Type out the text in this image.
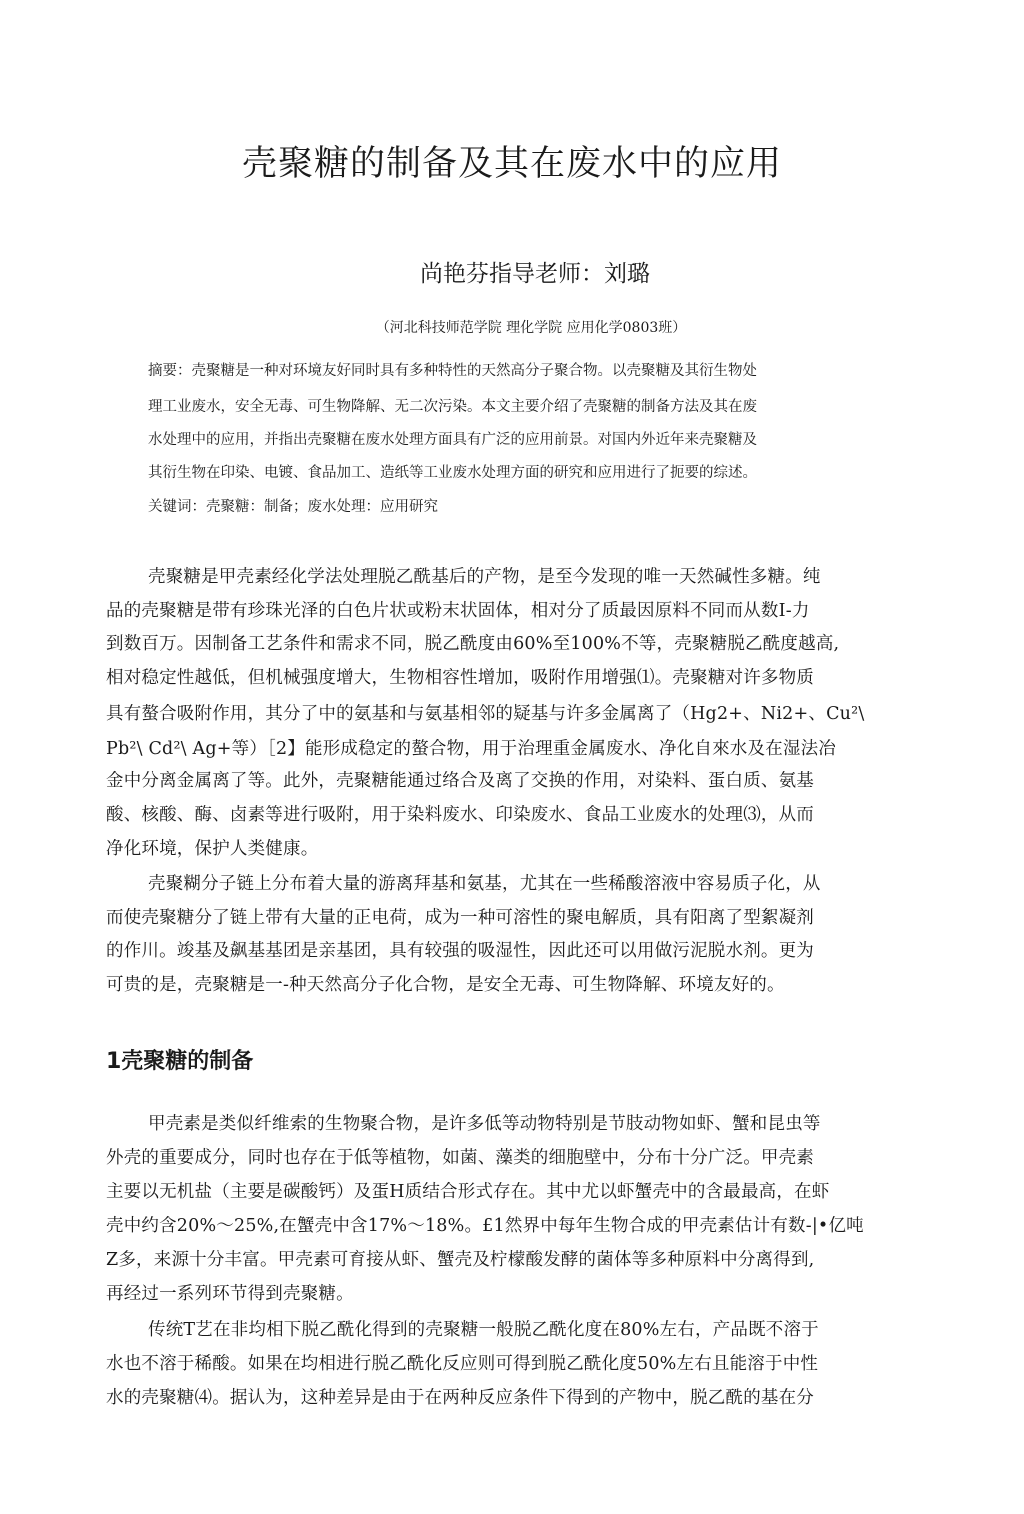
壳聚糖的制备及其在废水中的应用
尚艳芬指导老师：刘璐
（河北科技师范学院 理化学院 应用化学0803班）
摘要：壳聚糖是一种对环境友好同时具有多种特性的天然高分子聚合物。以壳聚糖及其衍生物处
理工业废水，安全无毒、可生物降解、无二次污染。本文主要介绍了壳聚糖的制备方法及其在废
水处理中的应用，并指出壳聚糖在废水处理方面具有广泛的应用前景。对国内外近年来壳聚糖及
其衍生物在印染、电镀、食品加工、造纸等工业废水处理方面的研究和应用进行了扼要的综述。
关键词：壳聚糖：制备；废水处理：应用研究
壳聚糖是甲壳素经化学法处理脱乙酰基后的产物，是至今发现的唯一天然碱性多糖。纯
品的壳聚糖是带有珍珠光泽的白色片状或粉末状固体，相对分了质最因原料不同而从数I-力
到数百万。因制备工艺条件和需求不同，脱乙酰度由60%至100%不等，壳聚糖脱乙酰度越高,
相对稳定性越低，但机械强度增大，生物相容性增加，吸附作用增强⑴。壳聚糖对许多物质
具有螯合吸附作用，其分了中的氨基和与氨基相邻的疑基与许多金属离了（Hg2+、Ni2+、Cu²\
Pb²\ Cd²\ Ag+等）［2】能形成稳定的螯合物，用于治理重金属废水、净化自來水及在湿法冶
金中分离金属离了等。此外，壳聚糖能通过络合及离了交换的作用，对染料、蛋白质、氨基
酸、核酸、酶、卤素等进行吸附，用于染料废水、印染废水、食品工业废水的处理⑶，从而
净化环境，保护人类健康。
壳聚糊分子链上分布着大量的游离拜基和氨基，尤其在一些稀酸溶液中容易质子化，从
而使壳聚糖分了链上带有大量的正电荷，成为一种可溶性的聚电解质，具有阳离了型絮凝剂
的作川。竣基及飙基基团是亲基团，具有较强的吸湿性，因此还可以用做污泥脱水剂。更为
可贵的是，壳聚糖是一-种天然高分子化合物，是安全无毒、可生物降解、环境友好的。
1壳聚糖的制备
甲壳素是类似纤维索的生物聚合物，是许多低等动物特别是节肢动物如虾、蟹和昆虫等
外壳的重要成分，同时也存在于低等植物，如菌、藻类的细胞壁中，分布十分广泛。甲壳素
主要以无机盐（主要是碳酸钙）及蛋H质结合形式存在。其中尤以虾蟹壳中的含最最高，在虾
壳中约含20%〜25%,在蟹壳中含17%〜18%。£1然界中每年生物合成的甲壳素估计有数-|•亿吨
Z多，来源十分丰富。甲壳素可育接从虾、蟹壳及柠檬酸发酵的菌体等多种原料中分离得到,
再经过一系列环节得到壳聚糖。
传统T艺在非均相下脱乙酰化得到的壳聚糖一般脱乙酰化度在80%左右，产品既不溶于
水也不溶于稀酸。如果在均相进行脱乙酰化反应则可得到脱乙酰化度50%左右且能溶于中性
水的壳聚糖⑷。据认为，这种差异是由于在两种反应条件下得到的产物中，脱乙酰的基在分
